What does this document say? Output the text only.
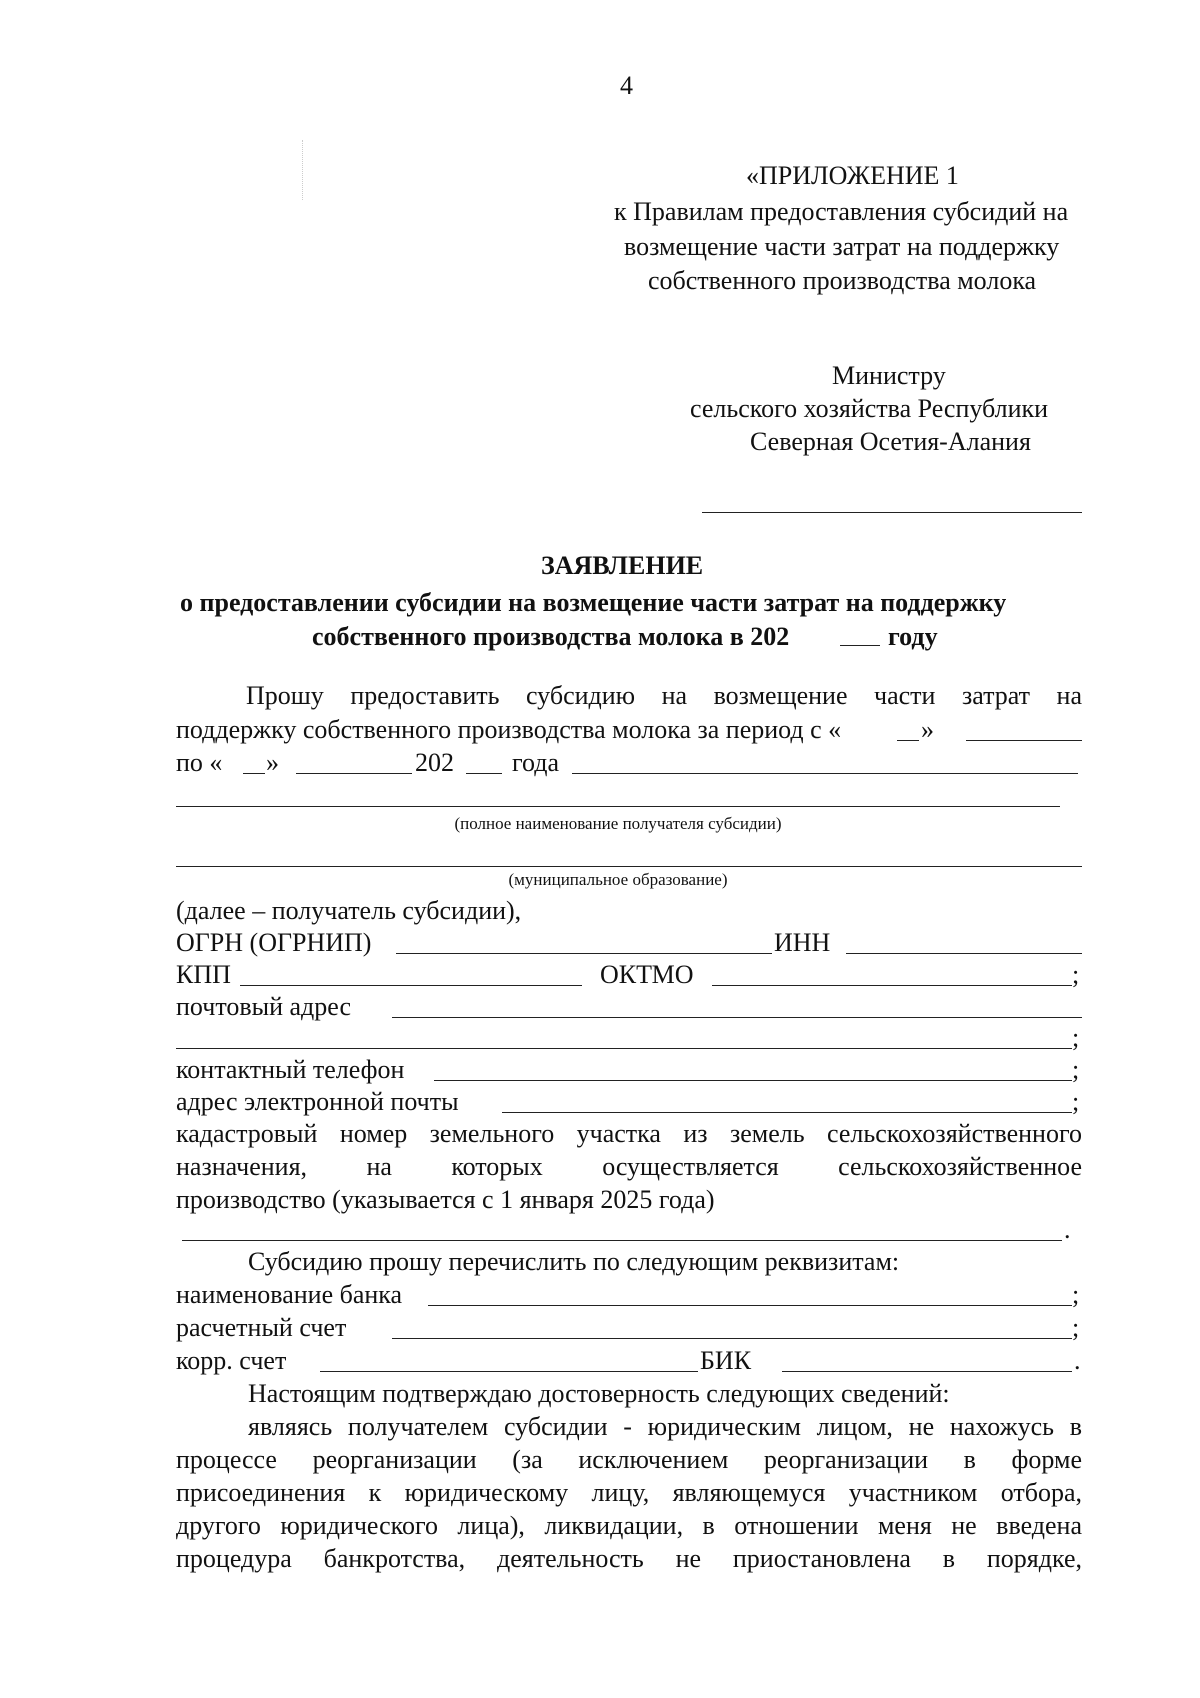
4
«ПРИЛОЖЕНИЕ 1
к Правилам предоставления субсидий на
возмещение части затрат на поддержку
собственного производства молока
Министру
сельского хозяйства Республики
Северная Осетия-Алания
ЗАЯВЛЕНИЕ
о предоставлении субсидии на возмещение части затрат на поддержку
собственного производства молока в 202	году
Прошу предоставить субсидию на возмещение части затрат на
поддержку собственного производства молока за период с «	»
по « »	202 года
(полное наименование получателя субсидии)
(муниципальное образование)
(далее – получатель субсидии),
ОГРН (ОГРНИП)	ИНН
КПП	ОКТМО	;
почтовый адрес
;
контактный телефон	;
адрес электронной почты	;
кадастровый номер земельного участка из земель сельскохозяйственного
назначения, на которых осуществляется сельскохозяйственное
производство (указывается с 1 января 2025 года)
.
Субсидию прошу перечислить по следующим реквизитам:
наименование банка	;
расчетный счет	;
корр. счет	БИК	.
Настоящим подтверждаю достоверность следующих сведений:
являясь получателем субсидии - юридическим лицом, не нахожусь в
процессе реорганизации (за исключением реорганизации в форме
присоединения к юридическому лицу, являющемуся участником отбора,
другого юридического лица), ликвидации, в отношении меня не введена
процедура банкротства, деятельность не приостановлена в порядке,
